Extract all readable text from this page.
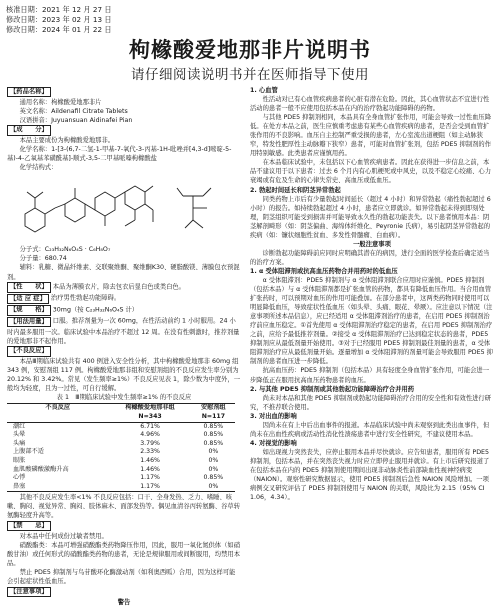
核准日期：2021 年 12 月 27 日
修改日期：2023 年 02 月 13 日
修改日期：2024 年 01 月 22 日
枸橼酸爱地那非片说明书
请仔细阅读说明书并在医师指导下使用
【药品名称】

通用名称：枸橼酸爱地那非片

英文名称：Aildenafil Citrate Tablets

汉语拼音：Juyuansuan Aidinafei Pian

【成　　分】

本品主要成份为枸橼酸爱地那非。

化学名称：1-[3-(6,7-二氢-1-甲基-7-氧代-3-丙基-1H-吡唑并[4,3-d]嘧啶-5-基)-4-乙氧基苯磺酰基]-顺式-3,5-二甲基哌嗪枸橼酸盐

化学结构式：

分子式：C₂₃H₃₂N₆O₄S · C₆H₈O₇

分子量：680.74

辅料：乳糖、微晶纤维素、交联聚维酮、聚维酮K30、硬脂酸镁、薄膜包衣预混剂。

【性　　状】 本品为薄膜衣片，除去包衣后显白色或类白色。

【适 应 症】 治疗男性勃起功能障碍。

【规　　格】 30mg（按 C₂₃H₃₂N₆O₄S 计）

【用法用量】 口服。推荐剂量为一次 60mg，在性活动前约 1 小时服用。24 小时内最多服用一次。临床试验中本品治疗不超过 12 周。在没有性刺激时，推荐剂量的爱地那非不起作用。

【不良反应】

本品Ⅲ期临床试验共有 400 例进入安全性分析，其中枸橼酸爱地那非 60mg 组 343 例，安慰剂组 117 例。枸橼酸爱地那非组和安慰剂组的不良反应发生率分别为 20.12% 和 3.42%。常见（发生频率≥1%）不良反应见表 1，除少数为中度外，一般均为轻度，且为一过性，可自行缓解。

表 1　Ⅲ期临床试验中发生频率≥1% 的不良反应

不良反应	枸橼酸爱地那非组	安慰剂组
	N=343	N=117
潮红	6.71%	0.85%
头晕	4.96%	0.85%
头痛	3.79%	0.85%
上腹部不适	2.33%	0%
眼胀	1.46%	0%
血肌酸磷酸激酶升高	1.46%	0%
心悸	1.17%	0.85%
鼻塞	1.17%	0%

其他不良反应发生率<1% 不良反应包括：口干、全身发热、乏力、嗜睡、咳嗽、胸闷、视觉异常、胸闷、肢体麻木、面部发热等。偶见血清谷丙转氨酶、谷草转氨酶轻度升高等。

【禁　　忌】

对本品中任何成份过敏者禁用。

硝酸酯类：本品可增强硝酸酯类药物降压作用，因此，服用一氧化氮供体（如硝酸甘油）或任何形式的硝酸酯类药物的患者，无论是规律服用或间断服用，均禁用本品。

禁止 PDE5 抑制剂与鸟苷酸环化酶激动剂（如利奥西呱）合用，因为这样可能会引起症状性低血压。

【注意事项】

警告

1. 心血管

性活动对已有心血管疾病患者的心脏有潜在危险。因此，其心血管状态不宜进行性活动的患者一般不应使用包括本品在内的治疗勃起功能障碍的药物。

与其他 PDE5 抑制剂相同，本品具有全身血管扩张作用，可能会导致一过性血压降低。在处方本品之前，医生应慎重考虑患有某些心血管疾病的患者，是否会受到血管扩张作用的不良影响。血压自主控制严重受损的患者，左心室流出道梗阻（如主动脉狭窄，特发性肥厚性主动脉瓣下狭窄）患者，可能对血管扩张剂，包括 PDE5 抑制剂的作用特别敏感。此类患者应谨慎用药。

在本品临床试验中，未包括以下心血管疾病患者。因此在获得进一步信息之前，本品不建议用于以下患者：过去 6 个月内有心肌梗死或中风史，以及不稳定心绞痛、心力衰竭或有危及生命的心律失常史、高血压或低血压。

2. 勃起时间延长和阴茎异常勃起

同类药物上市后有少量勃起时间延长（超过 4 小时）和异常勃起（痛性勃起超过 6 小时）的报告。如持续勃起超过 4 小时，患者应立即就诊。如异常勃起未得到即刻处理，阴茎组织可能受到损害并可能导致永久性的勃起功能丧失。以下患者慎用本品：阴茎解剖畸形（如：阴茎偏曲、海绵体纤维化、Peyronie 氏病），易引起阴茎异常勃起的疾病（如：镰状细胞性贫血、多发性骨髓瘤、白血病）。

一般注意事项

诊断勃起功能障碍前应同时应明确其潜在的病因，进行全面的医学检查后确定适当的治疗方案。

1. α 受体阻滞剂或抗高血压药物合并用药时的低血压

α 受体阻滞剂：PDE5 抑制剂与 α 受体阻滞剂联合应用时应谨慎。PDE5 抑制剂（包括本品）与 α 受体阻滞剂都是扩张血管的药物，都具有降低血压作用。当合用血管扩张药时，可以预期对血压的作用可能叠加。在部分患者中，这两类药物同时使用可以明显降低血压，导致症状性低血压（如头晕、头痛、眼花、晕厥）。应注意以下情况（注意事项所述本品信息），应已经适用 α 受体阻滞剂治疗的患者，在启用 PDE5 抑制剂治疗前应血压稳定。①首先使用 α 受体阻滞剂治疗稳定的患者，在启用 PDE5 抑制剂治疗之前，应给予最低推荐剂量。②接受 α 受体阻滞剂治疗已达到稳定状态的患者，PDE5 抑制剂应从最低剂量开始使用。③对于已经服用 PDE5 抑制剂最佳剂量的患者，α 受体阻滞剂治疗应从最低剂量开始。逐量增加 α 受体阻滞剂的剂量可能会导致服用 PDE5 抑制剂的患者血压进一步降低。

抗高血压药：PDE5 抑制剂（包括本品）具有轻度全身血管扩张作用，可能会进一步降低正在服用抗高血压药物患者的血压。

2. 与其他 PDE5 抑制剂或其他勃起功能障碍治疗合并用药

尚未对本品和其他 PDE5 抑制剂或勃起功能障碍治疗合用的安全性和有效性进行研究，不推荐联合使用。

3. 对出血的影响

因尚未在有上中后出血事件的报道。本品临床试验中尚未观察到此类出血事件，但尚未在出血性疾病或活动性消化性溃疡患者中进行安全性研究，不建议使用本品。

4. 对视觉的影响

如出现视力突然丧失，应停止服用本品并尽快就诊。应告知患者，服用所有 PDE5 抑制剂，包括本品，并在突然丧失视力时应立即停止服用并就诊。有上市后研究报道了在包括本品在内的 PDE5 抑制剂使用期间出现非动脉炎性前部缺血性视神经病变（NAION）。观察性研究数据显示，使用 PDE5 抑制剂后急性 NAION 风险增加。一项病例交叉研究评估了 PDE5 抑制剂使用与 NAION 的关联，风险比为 2.15（95% CI 1.06，4.34）。
